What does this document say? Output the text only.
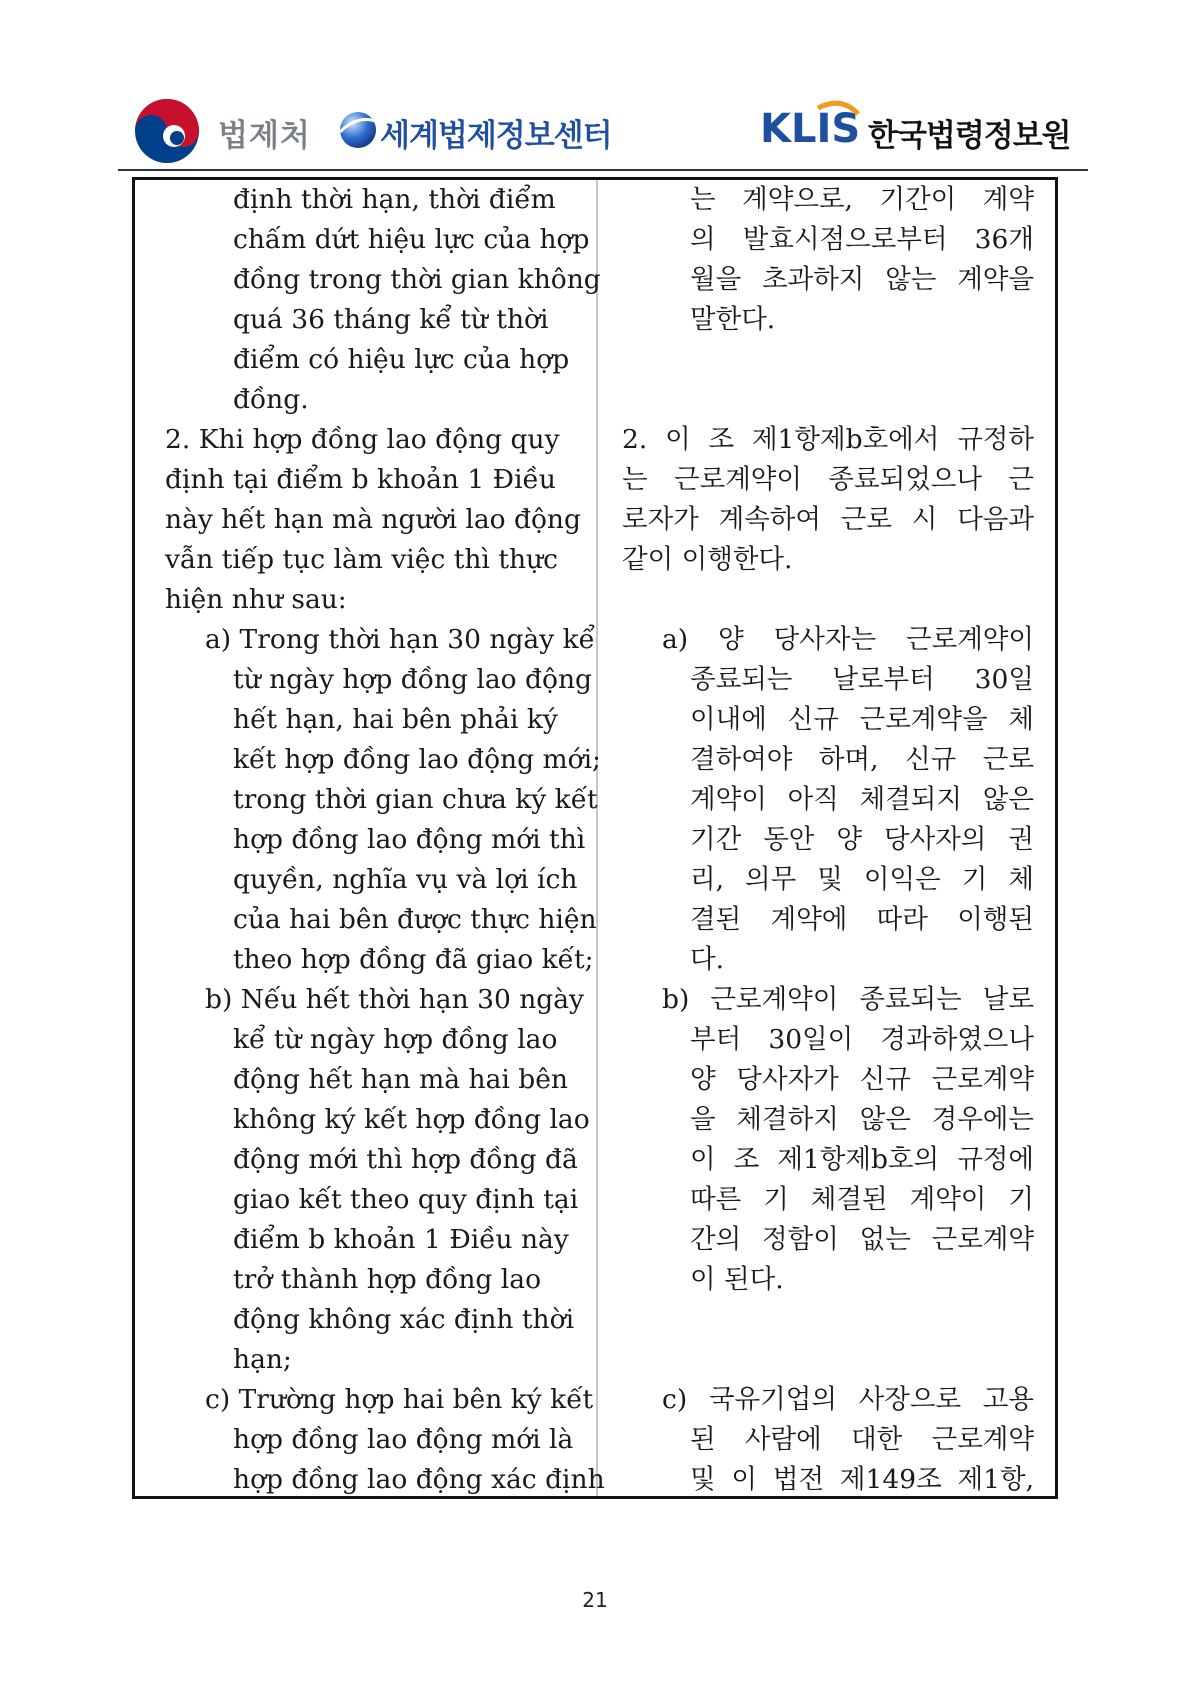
법제처 세계법제정보센터	KLIS 한국법령정보원
định thời hạn, thời điểm
chấm dứt hiệu lực của hợp
đồng trong thời gian không
quá 36 tháng kể từ thời
điểm có hiệu lực của hợp
đồng.
2. Khi hợp đồng lao động quy
định tại điểm b khoản 1 Điều
này hết hạn mà người lao động
vẫn tiếp tục làm việc thì thực
hiện như sau:
a) Trong thời hạn 30 ngày kể
từ ngày hợp đồng lao động
hết hạn, hai bên phải ký
kết hợp đồng lao động mới;
trong thời gian chưa ký kết
hợp đồng lao động mới thì
quyền, nghĩa vụ và lợi ích
của hai bên được thực hiện
theo hợp đồng đã giao kết;
b) Nếu hết thời hạn 30 ngày
kể từ ngày hợp đồng lao
động hết hạn mà hai bên
không ký kết hợp đồng lao
động mới thì hợp đồng đã
giao kết theo quy định tại
điểm b khoản 1 Điều này
trở thành hợp đồng lao
động không xác định thời
hạn;
c) Trường hợp hai bên ký kết
hợp đồng lao động mới là
hợp đồng lao động xác định
는 계약으로, 기간이 계약
의 발효시점으로부터 36개
월을 초과하지 않는 계약을
말한다.
2. 이 조 제1항제b호에서 규정하
는 근로계약이 종료되었으나 근
로자가 계속하여 근로 시 다음과
같이 이행한다.
a) 양 당사자는 근로계약이
종료되는 날로부터 30일
이내에 신규 근로계약을 체
결하여야 하며, 신규 근로
계약이 아직 체결되지 않은
기간 동안 양 당사자의 권
리, 의무 및 이익은 기 체
결된 계약에 따라 이행된
다.
b) 근로계약이 종료되는 날로
부터 30일이 경과하였으나
양 당사자가 신규 근로계약
을 체결하지 않은 경우에는
이 조 제1항제b호의 규정에
따른 기 체결된 계약이 기
간의 정함이 없는 근로계약
이 된다.
c) 국유기업의 사장으로 고용
된 사람에 대한 근로계약
및 이 법전 제149조 제1항,
21
